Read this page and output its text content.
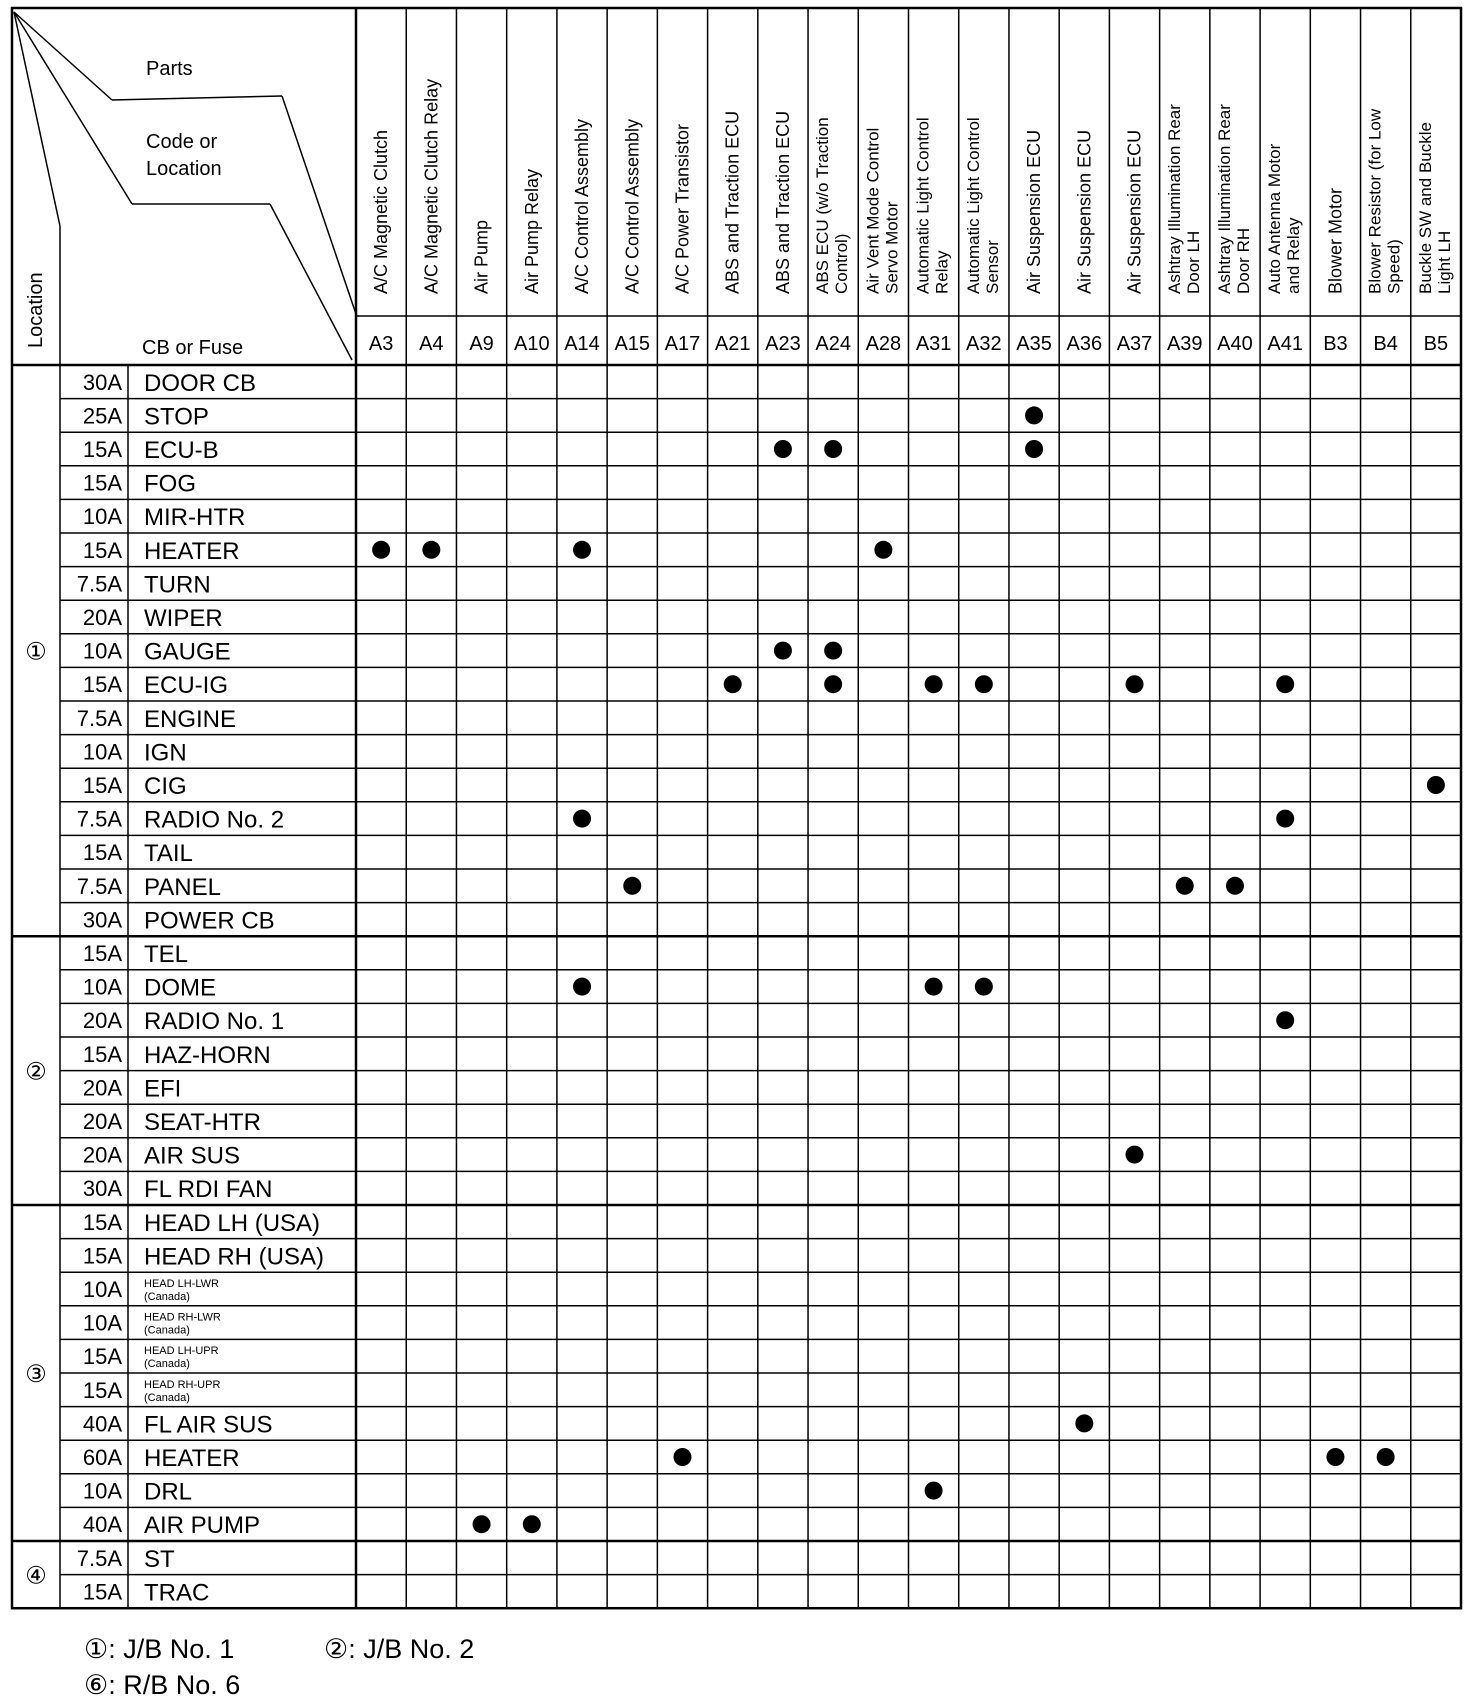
Parts
Code or
Location
CB or Fuse
Location	A3
A/C Magnetic Clutch
A4
A/C Magnetic Clutch Relay
A9
Air Pump
A10
Air Pump Relay
A14
A/C Control Assembly
A15
A/C Control Assembly
A17
A/C Power Transistor
A21
ABS and Traction ECU
A23
ABS and Traction ECU
A24
ABS ECU (w/o Traction Control)
A28
Air Vent Mode Control Servo Motor
A31
Automatic Light Control Relay
A32
Automatic Light Control Sensor
A35
Air Suspension ECU
A36
Air Suspension ECU
A37
Air Suspension ECU
A39
Ashtray Illumination Rear Door LH
A40
Ashtray Illumination Rear Door RH
A41
Auto Antenna Motor and Relay
B3
Blower Motor
B4
Blower Resistor (for Low Speed)
B5
Buckle SW and Buckle Light LH
30A DOOR CB
25A STOP
15A ECU-B
15A FOG
10A MIR-HTR
15A HEATER
7.5A TURN
20A WIPER
10A GAUGE
15A ECU-IG
7.5A ENGINE
10A IGN
15A CIG
7.5A RADIO No. 2
15A TAIL
7.5A PANEL
30A POWER CB
①
15A TEL
10A DOME
20A RADIO No. 1
15A HAZ-HORN
20A EFI
20A SEAT-HTR
20A AIR SUS
30A FL RDI FAN
②
15A HEAD LH (USA)
15A HEAD RH (USA)
10A HEAD LH-LWR
(Canada)
10A HEAD RH-LWR
(Canada)
15A HEAD LH-UPR
(Canada)
15A HEAD RH-UPR
(Canada)
40A FL AIR SUS
60A HEATER
10A DRL
40A AIR PUMP
③
7.5A ST
15A TRAC
④
①: J/B No. 1	②: J/B No. 2
⑥: R/B No. 6
